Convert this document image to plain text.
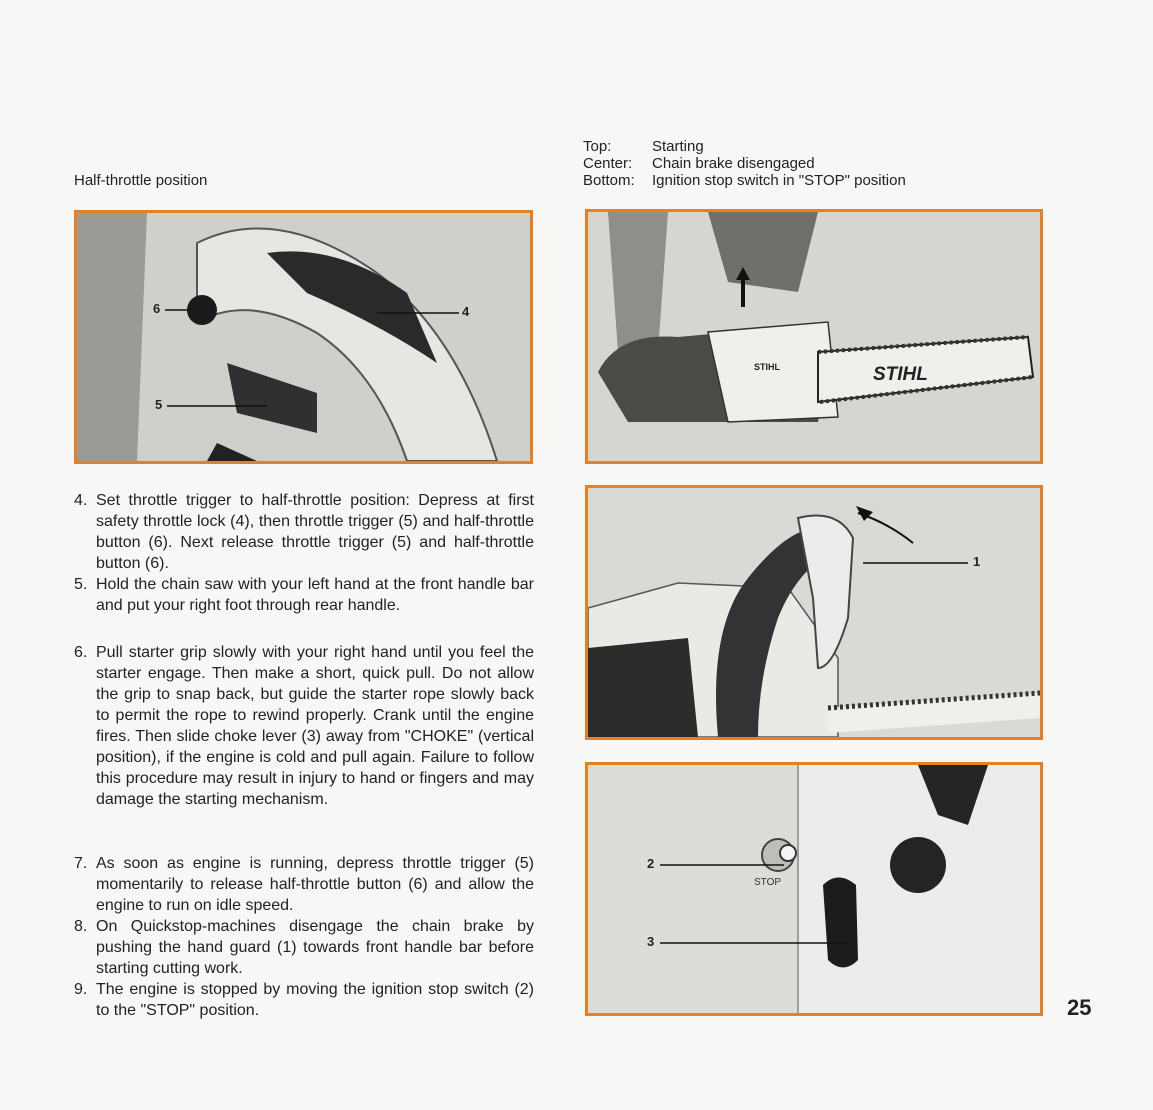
Half-throttle position
Top:	Starting
Center:	Chain brake disengaged
Bottom:	Ignition stop switch in "STOP" position
6	4
5
STIHL
STIHL
1
2
3
STOP
4. Set throttle trigger to half-throttle position: Depress at first safety throttle lock (4), then throttle trigger (5) and half-throttle button (6). Next release throttle trigger (5) and half-throttle button (6).
5. Hold the chain saw with your left hand at the front handle bar and put your right foot through rear handle.
6. Pull starter grip slowly with your right hand until you feel the starter engage. Then make a short, quick pull. Do not allow the grip to snap back, but guide the starter rope slowly back to permit the rope to rewind properly. Crank until the engine fires. Then slide choke lever (3) away from "CHOKE" (vertical position), if the engine is cold and pull again. Failure to follow this procedure may result in injury to hand or fingers and may damage the starting mechanism.
7. As soon as engine is running, depress throttle trigger (5) momentarily to release half-throttle button (6) and allow the engine to run on idle speed.
8. On Quickstop-machines disengage the chain brake by pushing the hand guard (1) towards front handle bar before starting cutting work.
9. The engine is stopped by moving the ignition stop switch (2) to the "STOP" position.	25
